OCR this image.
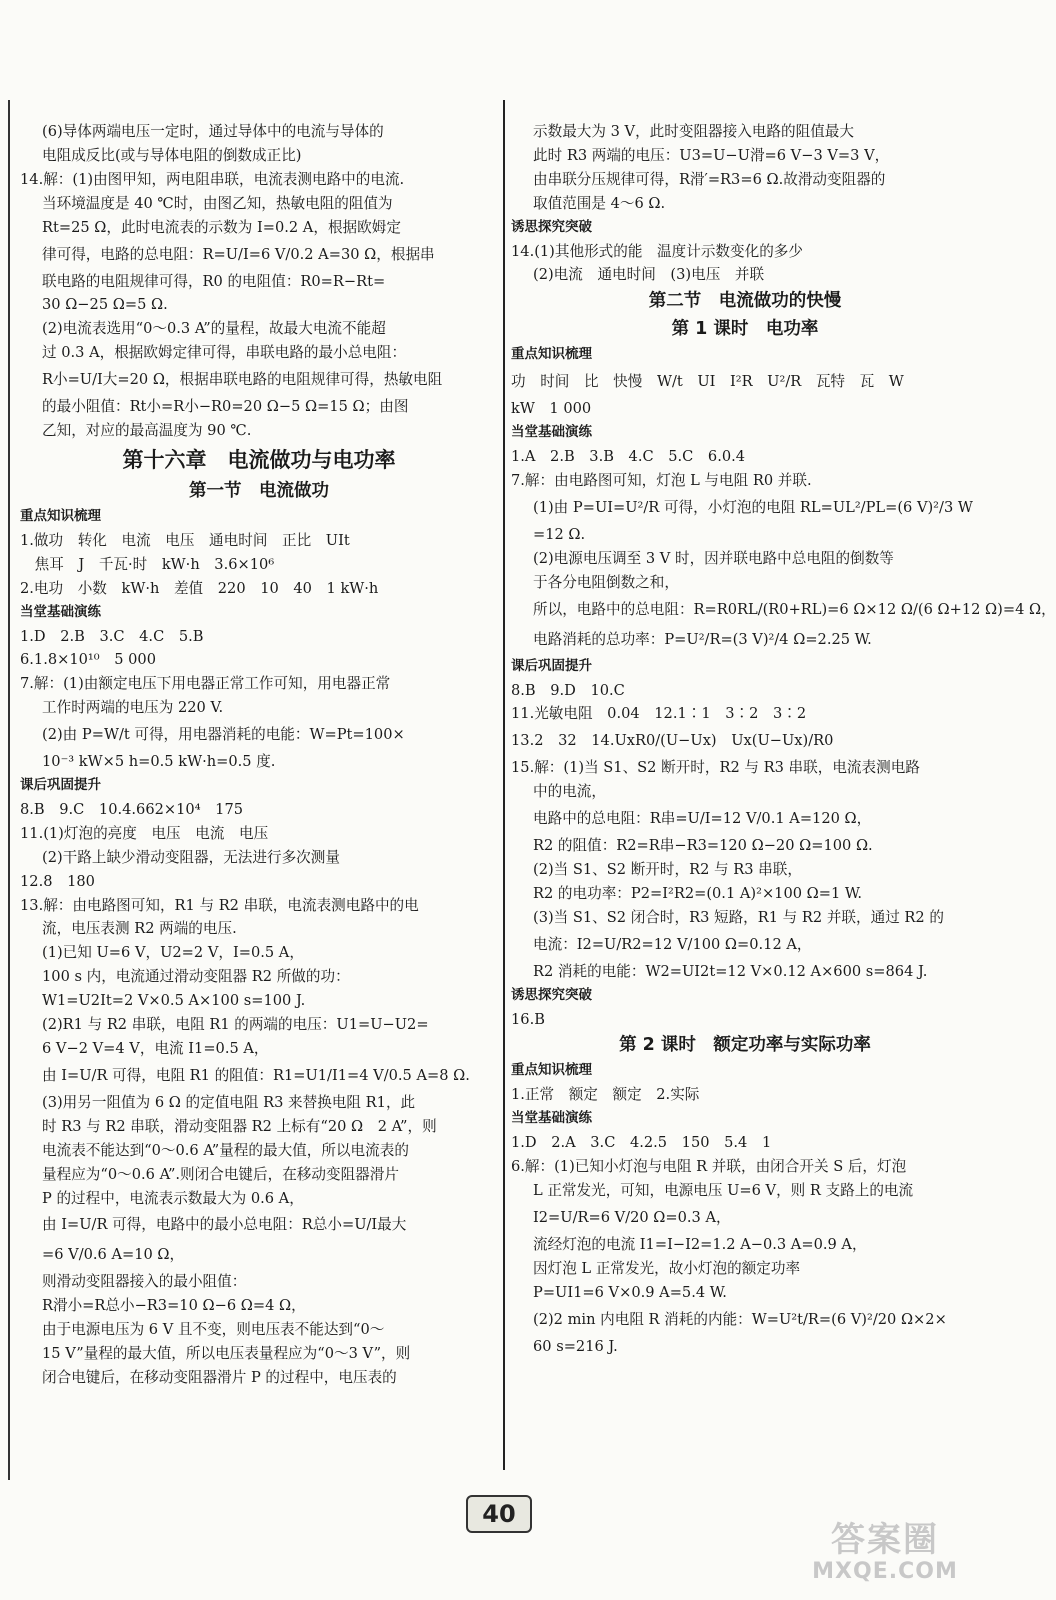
(6)导体两端电压一定时，通过导体中的电流与导体的
电阻成反比(或与导体电阻的倒数成正比)
14.解：(1)由图甲知，两电阻串联，电流表测电路中的电流.
当环境温度是 40 ℃时，由图乙知，热敏电阻的阻值为
Rt=25 Ω，此时电流表的示数为 I=0.2 A，根据欧姆定
律可得，电路的总电阻：R=U/I=6 V/0.2 A=30 Ω，根据串
联电路的电阻规律可得，R0 的电阻值：R0=R−Rt=
30 Ω−25 Ω=5 Ω.
(2)电流表选用“0～0.3 A”的量程，故最大电流不能超
过 0.3 A，根据欧姆定律可得，串联电路的最小总电阻：
R小=U/I大=20 Ω，根据串联电路的电阻规律可得，热敏电阻
的最小阻值：Rt小=R小−R0=20 Ω−5 Ω=15 Ω；由图
乙知，对应的最高温度为 90 ℃.
第十六章　电流做功与电功率
第一节　电流做功
重点知识梳理
1.做功　转化　电流　电压　通电时间　正比　UIt
　焦耳　J　千瓦·时　kW·h　3.6×10⁶
2.电功　小数　kW·h　差值　220　10　40　1 kW·h
当堂基础演练
1.D　2.B　3.C　4.C　5.B
6.1.8×10¹⁰　5 000
7.解：(1)由额定电压下用电器正常工作可知，用电器正常
工作时两端的电压为 220 V.
(2)由 P=W/t 可得，用电器消耗的电能：W=Pt=100×
10⁻³ kW×5 h=0.5 kW·h=0.5 度.
课后巩固提升
8.B　9.C　10.4.662×10⁴　175
11.(1)灯泡的亮度　电压　电流　电压
(2)干路上缺少滑动变阻器，无法进行多次测量
12.8　180
13.解：由电路图可知，R1 与 R2 串联，电流表测电路中的电
流，电压表测 R2 两端的电压.
(1)已知 U=6 V，U2=2 V，I=0.5 A，
100 s 内，电流通过滑动变阻器 R2 所做的功：
W1=U2It=2 V×0.5 A×100 s=100 J.
(2)R1 与 R2 串联，电阻 R1 的两端的电压：U1=U−U2=
6 V−2 V=4 V，电流 I1=0.5 A，
由 I=U/R 可得，电阻 R1 的阻值：R1=U1/I1=4 V/0.5 A=8 Ω.
(3)用另一阻值为 6 Ω 的定值电阻 R3 来替换电阻 R1，此
时 R3 与 R2 串联，滑动变阻器 R2 上标有“20 Ω　2 A”，则
电流表不能达到“0～0.6 A”量程的最大值，所以电流表的
量程应为“0～0.6 A”.则闭合电键后，在移动变阻器滑片
P 的过程中，电流表示数最大为 0.6 A，
由 I=U/R 可得，电路中的最小总电阻：R总小=U/I最大
=6 V/0.6 A=10 Ω，
则滑动变阻器接入的最小阻值：
R滑小=R总小−R3=10 Ω−6 Ω=4 Ω，
由于电源电压为 6 V 且不变，则电压表不能达到“0～
15 V”量程的最大值，所以电压表量程应为“0～3 V”，则
闭合电键后，在移动变阻器滑片 P 的过程中，电压表的
示数最大为 3 V，此时变阻器接入电路的阻值最大
此时 R3 两端的电压：U3=U−U滑=6 V−3 V=3 V，
由串联分压规律可得，R滑′=R3=6 Ω.故滑动变阻器的
取值范围是 4～6 Ω.
诱思探究突破
14.(1)其他形式的能　温度计示数变化的多少
(2)电流　通电时间　(3)电压　并联
第二节　电流做功的快慢
第 1 课时　电功率
重点知识梳理
功　时间　比　快慢　W/t　UI　I²R　U²/R　瓦特　瓦　W
kW　1 000
当堂基础演练
1.A　2.B　3.B　4.C　5.C　6.0.4
7.解：由电路图可知，灯泡 L 与电阻 R0 并联.
(1)由 P=UI=U²/R 可得，小灯泡的电阻 RL=UL²/PL=(6 V)²/3 W
=12 Ω.
(2)电源电压调至 3 V 时，因并联电路中总电阻的倒数等
于各分电阻倒数之和，
所以，电路中的总电阻：R=R0RL/(R0+RL)=6 Ω×12 Ω/(6 Ω+12 Ω)=4 Ω，
电路消耗的总功率：P=U²/R=(3 V)²/4 Ω=2.25 W.
课后巩固提升
8.B　9.D　10.C
11.光敏电阻　0.04　12.1∶1　3∶2　3∶2
13.2　32　14.UxR0/(U−Ux)　Ux(U−Ux)/R0
15.解：(1)当 S1、S2 断开时，R2 与 R3 串联，电流表测电路
中的电流，
电路中的总电阻：R串=U/I=12 V/0.1 A=120 Ω，
R2 的阻值：R2=R串−R3=120 Ω−20 Ω=100 Ω.
(2)当 S1、S2 断开时，R2 与 R3 串联，
R2 的电功率：P2=I²R2=(0.1 A)²×100 Ω=1 W.
(3)当 S1、S2 闭合时，R3 短路，R1 与 R2 并联，通过 R2 的
电流：I2=U/R2=12 V/100 Ω=0.12 A，
R2 消耗的电能：W2=UI2t=12 V×0.12 A×600 s=864 J.
诱思探究突破
16.B
第 2 课时　额定功率与实际功率
重点知识梳理
1.正常　额定　额定　2.实际
当堂基础演练
1.D　2.A　3.C　4.2.5　150　5.4　1
6.解：(1)已知小灯泡与电阻 R 并联，由闭合开关 S 后，灯泡
L 正常发光，可知，电源电压 U=6 V，则 R 支路上的电流
I2=U/R=6 V/20 Ω=0.3 A，
流经灯泡的电流 I1=I−I2=1.2 A−0.3 A=0.9 A，
因灯泡 L 正常发光，故小灯泡的额定功率
P=UI1=6 V×0.9 A=5.4 W.
(2)2 min 内电阻 R 消耗的内能：W=U²t/R=(6 V)²/20 Ω×2×
60 s=216 J.
40
答案圈
MXQE.COM
